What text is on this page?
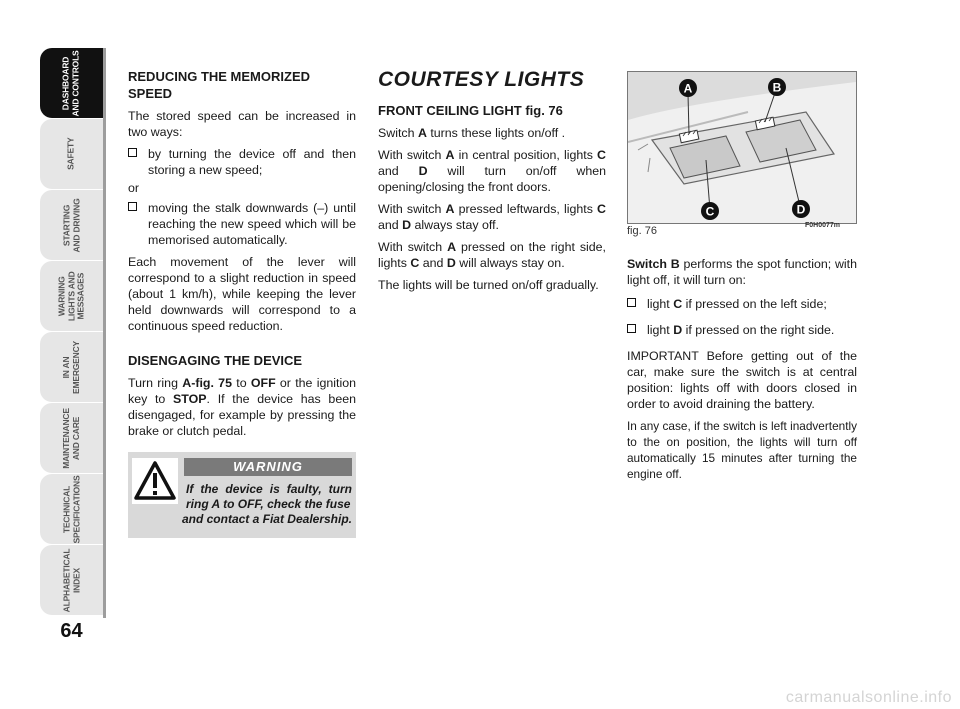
DASHBOARD
AND CONTROLS
SAFETY
STARTING
AND DRIVING
WARNING
LIGHTS AND
MESSAGES
IN AN
EMERGENCY
MAINTENANCE
AND CARE
TECHNICAL
SPECIFICATIONS
ALPHABETICAL
INDEX
64
REDUCING THE MEMORIZED SPEED

The stored speed can be increased in two ways:

by turning the device off and then storing a new speed;

or

moving the stalk downwards (–) until reaching the new speed which will be memorised automatically.

Each movement of the lever will correspond to a slight reduction in speed (about 1 km/h), while keeping the lever held downwards will correspond to a continuous speed reduction.

DISENGAGING THE DEVICE

Turn ring A-fig. 75 to OFF or the ignition key to STOP. If the device has been disengaged, for example by pressing the brake or clutch pedal.

WARNING
If the device is faulty, turn ring A to OFF, check the fuse
and contact a Fiat Dealership.
COURTESY LIGHTS
FRONT CEILING LIGHT fig. 76

Switch A turns these lights on/off .

With switch A in central position, lights C and D will turn on/off when opening/closing the front doors.

With switch A pressed leftwards, lights C and D always stay off.

With switch A pressed on the right side, lights C and D will always stay on.

The lights will be turned on/off gradually.

A	B
C	D
fig. 76	F0H0077m

Switch B performs the spot function; with light off, it will turn on:

light C if pressed on the left side;
light D if pressed on the right side.

IMPORTANT Before getting out of the car, make sure the switch is at central position: lights off with doors closed in order to avoid draining the battery.

In any case, if the switch is left inadvertently to the on position, the lights will turn off automatically 15 minutes after turning the engine off.

carmanualsonline.info
